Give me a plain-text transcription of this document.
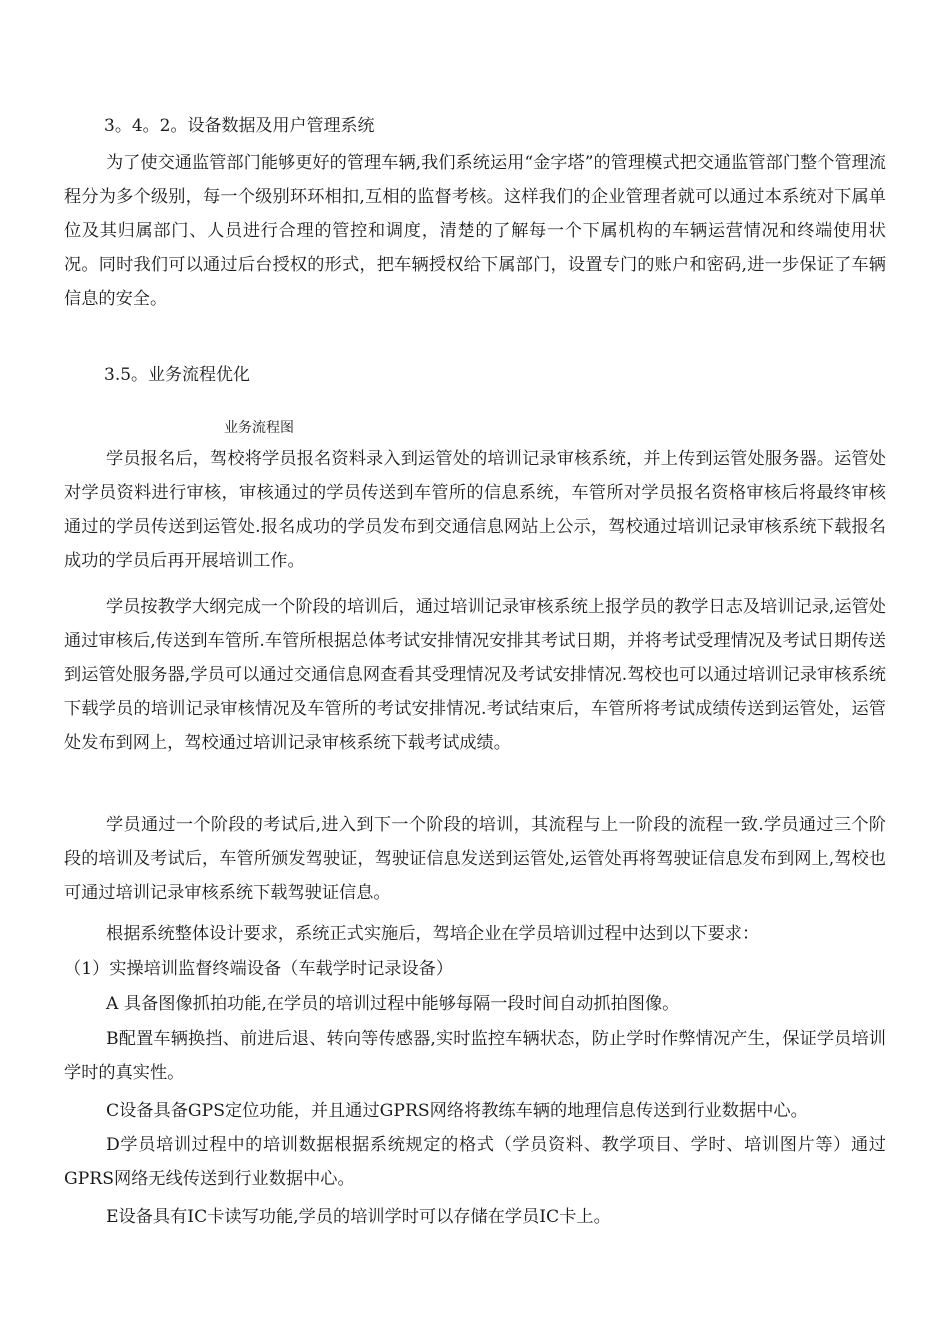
3。4。2。设备数据及用户管理系统

为了使交通监管部门能够更好的管理车辆,我们系统运用“金字塔”的管理模式把交通监管部门整个管理流程分为多个级别，每一个级别环环相扣,互相的监督考核。这样我们的企业管理者就可以通过本系统对下属单位及其归属部门、人员进行合理的管控和调度，清楚的了解每一个下属机构的车辆运营情况和终端使用状况。同时我们可以通过后台授权的形式，把车辆授权给下属部门，设置专门的账户和密码,进一步保证了车辆信息的安全。

3.5。业务流程优化
业务流程图

学员报名后，驾校将学员报名资料录入到运管处的培训记录审核系统，并上传到运管处服务器。运管处对学员资料进行审核，审核通过的学员传送到车管所的信息系统，车管所对学员报名资格审核后将最终审核通过的学员传送到运管处.报名成功的学员发布到交通信息网站上公示，驾校通过培训记录审核系统下载报名成功的学员后再开展培训工作。

学员按教学大纲完成一个阶段的培训后，通过培训记录审核系统上报学员的教学日志及培训记录,运管处通过审核后,传送到车管所.车管所根据总体考试安排情况安排其考试日期，并将考试受理情况及考试日期传送到运管处服务器,学员可以通过交通信息网查看其受理情况及考试安排情况.驾校也可以通过培训记录审核系统下载学员的培训记录审核情况及车管所的考试安排情况.考试结束后，车管所将考试成绩传送到运管处，运管处发布到网上，驾校通过培训记录审核系统下载考试成绩。

学员通过一个阶段的考试后,进入到下一个阶段的培训，其流程与上一阶段的流程一致.学员通过三个阶段的培训及考试后，车管所颁发驾驶证，驾驶证信息发送到运管处,运管处再将驾驶证信息发布到网上,驾校也可通过培训记录审核系统下载驾驶证信息。

根据系统整体设计要求，系统正式实施后，驾培企业在学员培训过程中达到以下要求：

（1）实操培训监督终端设备（车载学时记录设备）
A 具备图像抓拍功能,在学员的培训过程中能够每隔一段时间自动抓拍图像。

B配置车辆换挡、前进后退、转向等传感器,实时监控车辆状态，防止学时作弊情况产生，保证学员培训学时的真实性。

C设备具备GPS定位功能，并且通过GPRS网络将教练车辆的地理信息传送到行业数据中心。

D学员培训过程中的培训数据根据系统规定的格式（学员资料、教学项目、学时、培训图片等）通过GPRS网络无线传送到行业数据中心。

E设备具有IC卡读写功能,学员的培训学时可以存储在学员IC卡上。
